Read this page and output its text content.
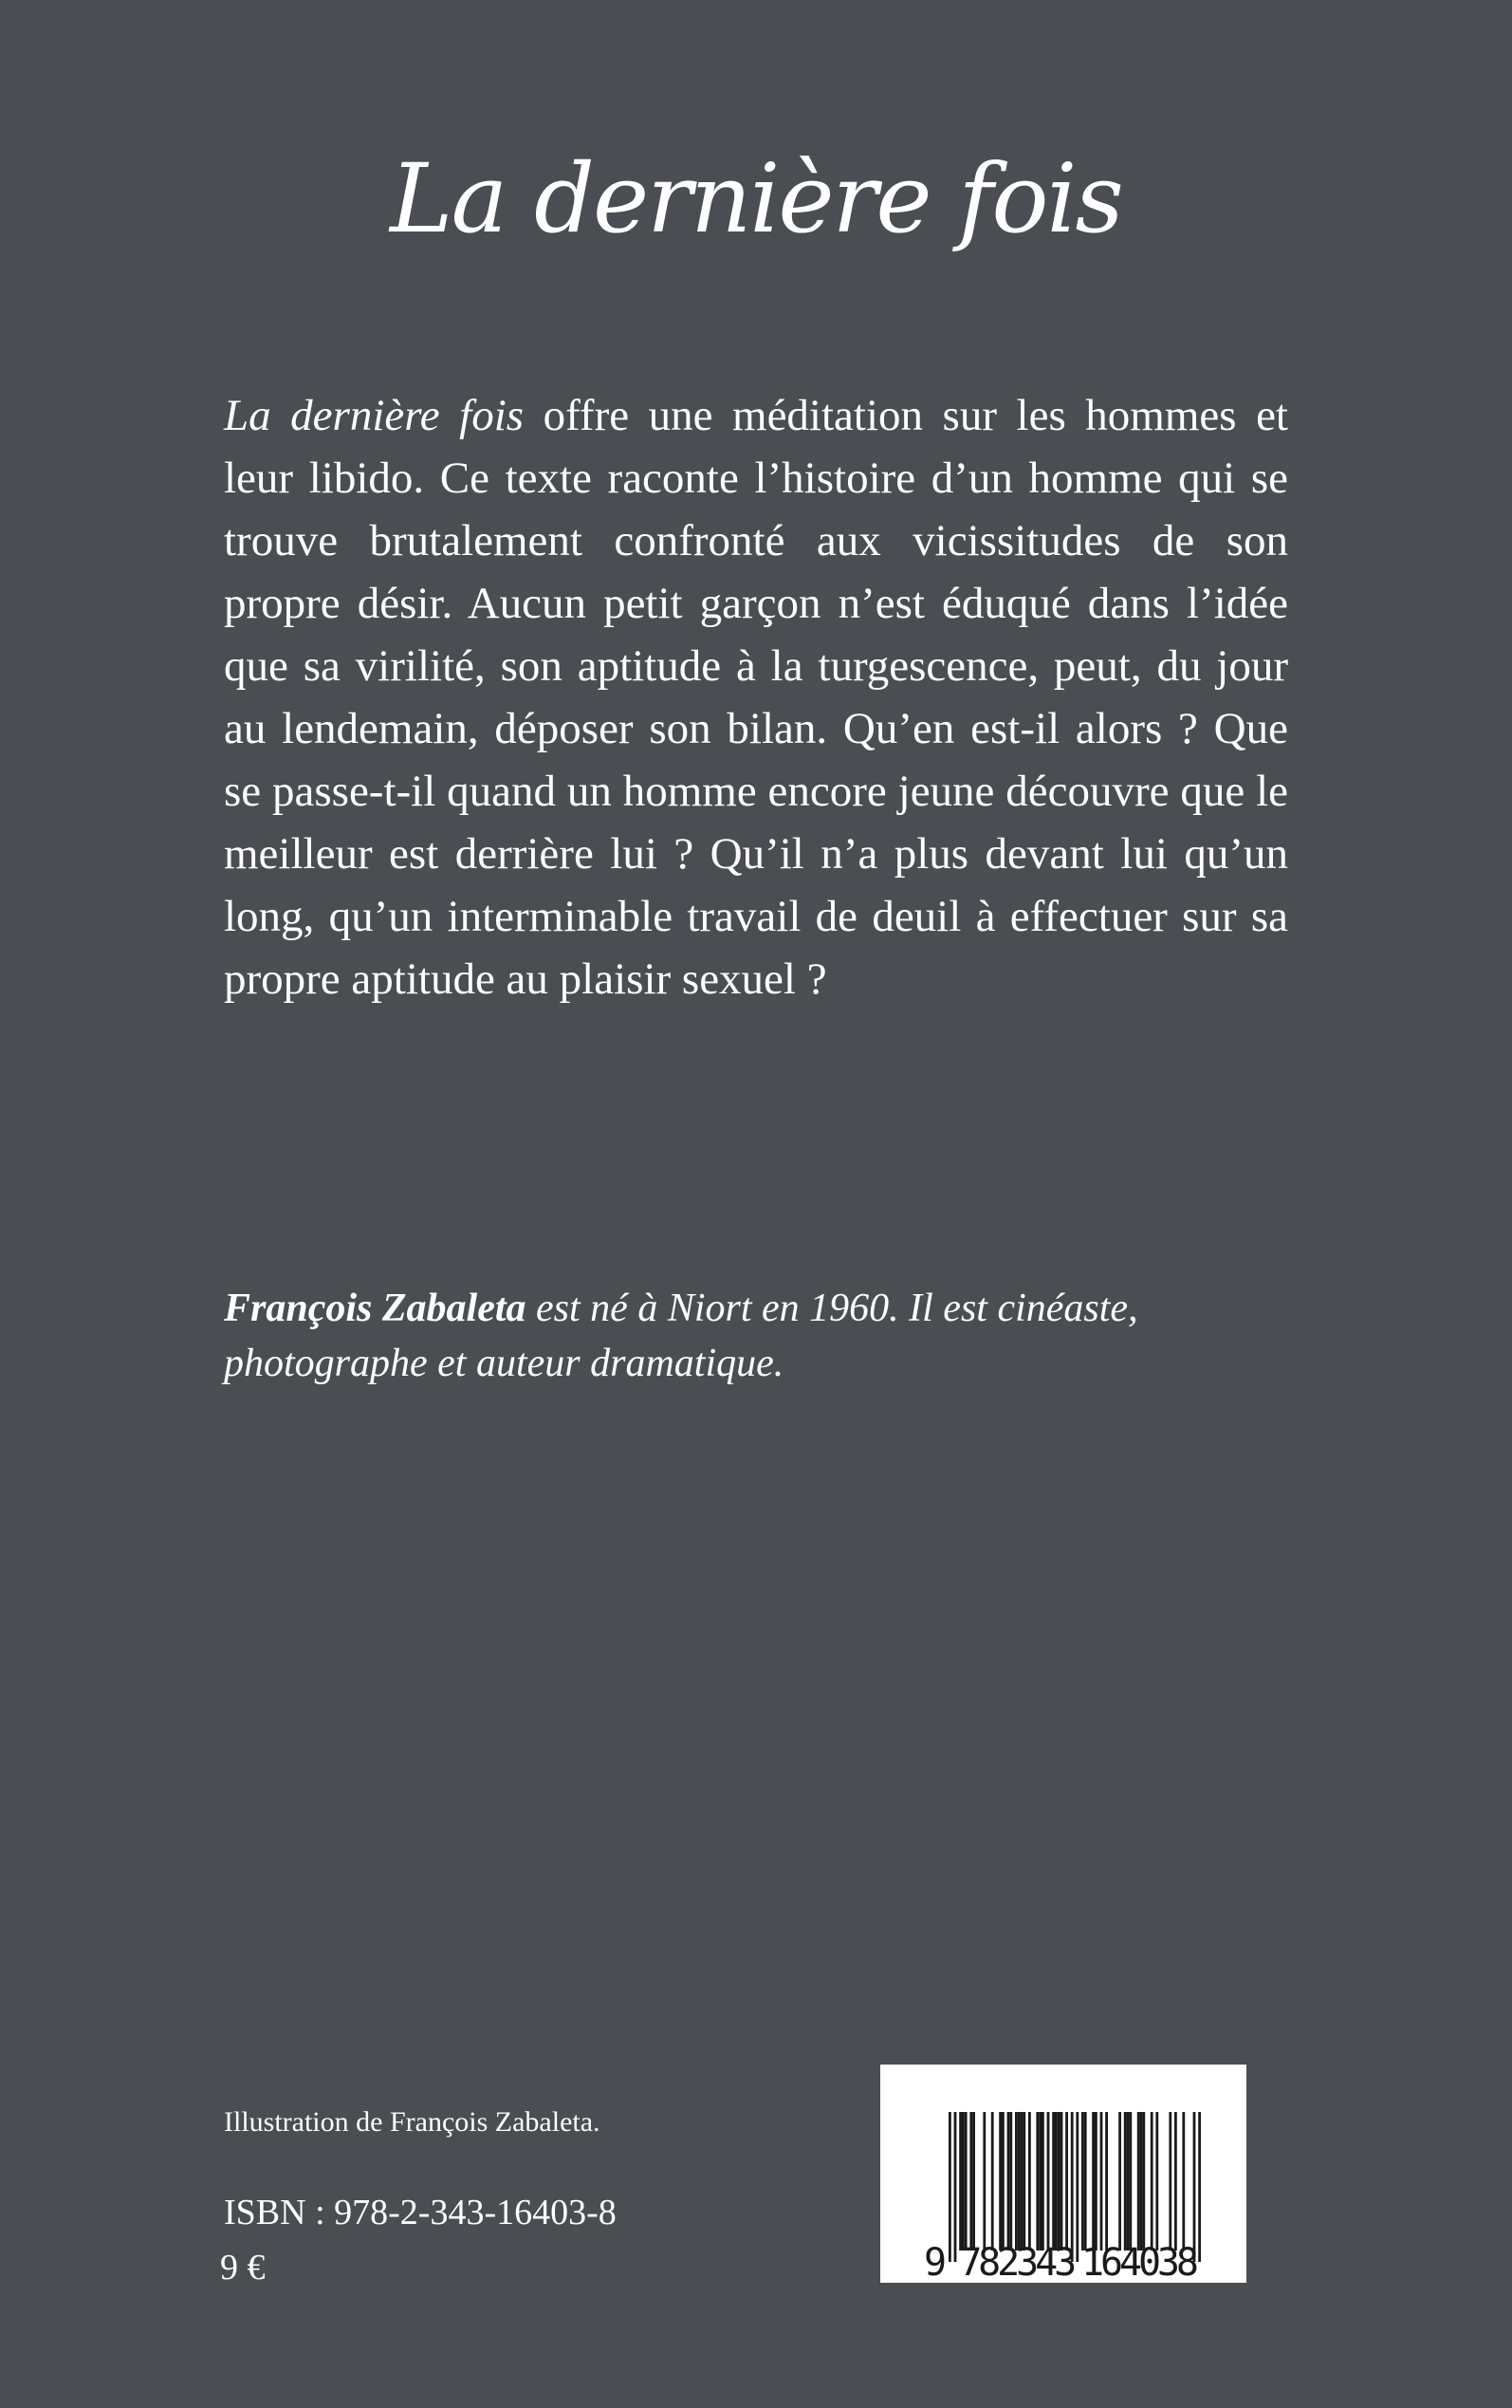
La dernière fois

La dernière fois offre une méditation sur les hommes et leur libido. Ce texte raconte l’histoire d’un homme qui se trouve brutalement confronté aux vicissitudes de son propre désir. Aucun petit garçon n’est éduqué dans l’idée que sa virilité, son aptitude à la turgescence, peut, du jour au lendemain, déposer son bilan. Qu’en est-il alors ? Que se passe-t-il quand un homme encore jeune découvre que le meilleur est derrière lui ? Qu’il n’a plus devant lui qu’un long, qu’un interminable travail de deuil à effectuer sur sa propre aptitude au plaisir sexuel ?

François Zabaleta est né à Niort en 1960. Il est cinéaste, photographe et auteur dramatique.

Illustration de François Zabaleta.
ISBN : 978-2-343-16403-8
9 €	9 782343 164038
